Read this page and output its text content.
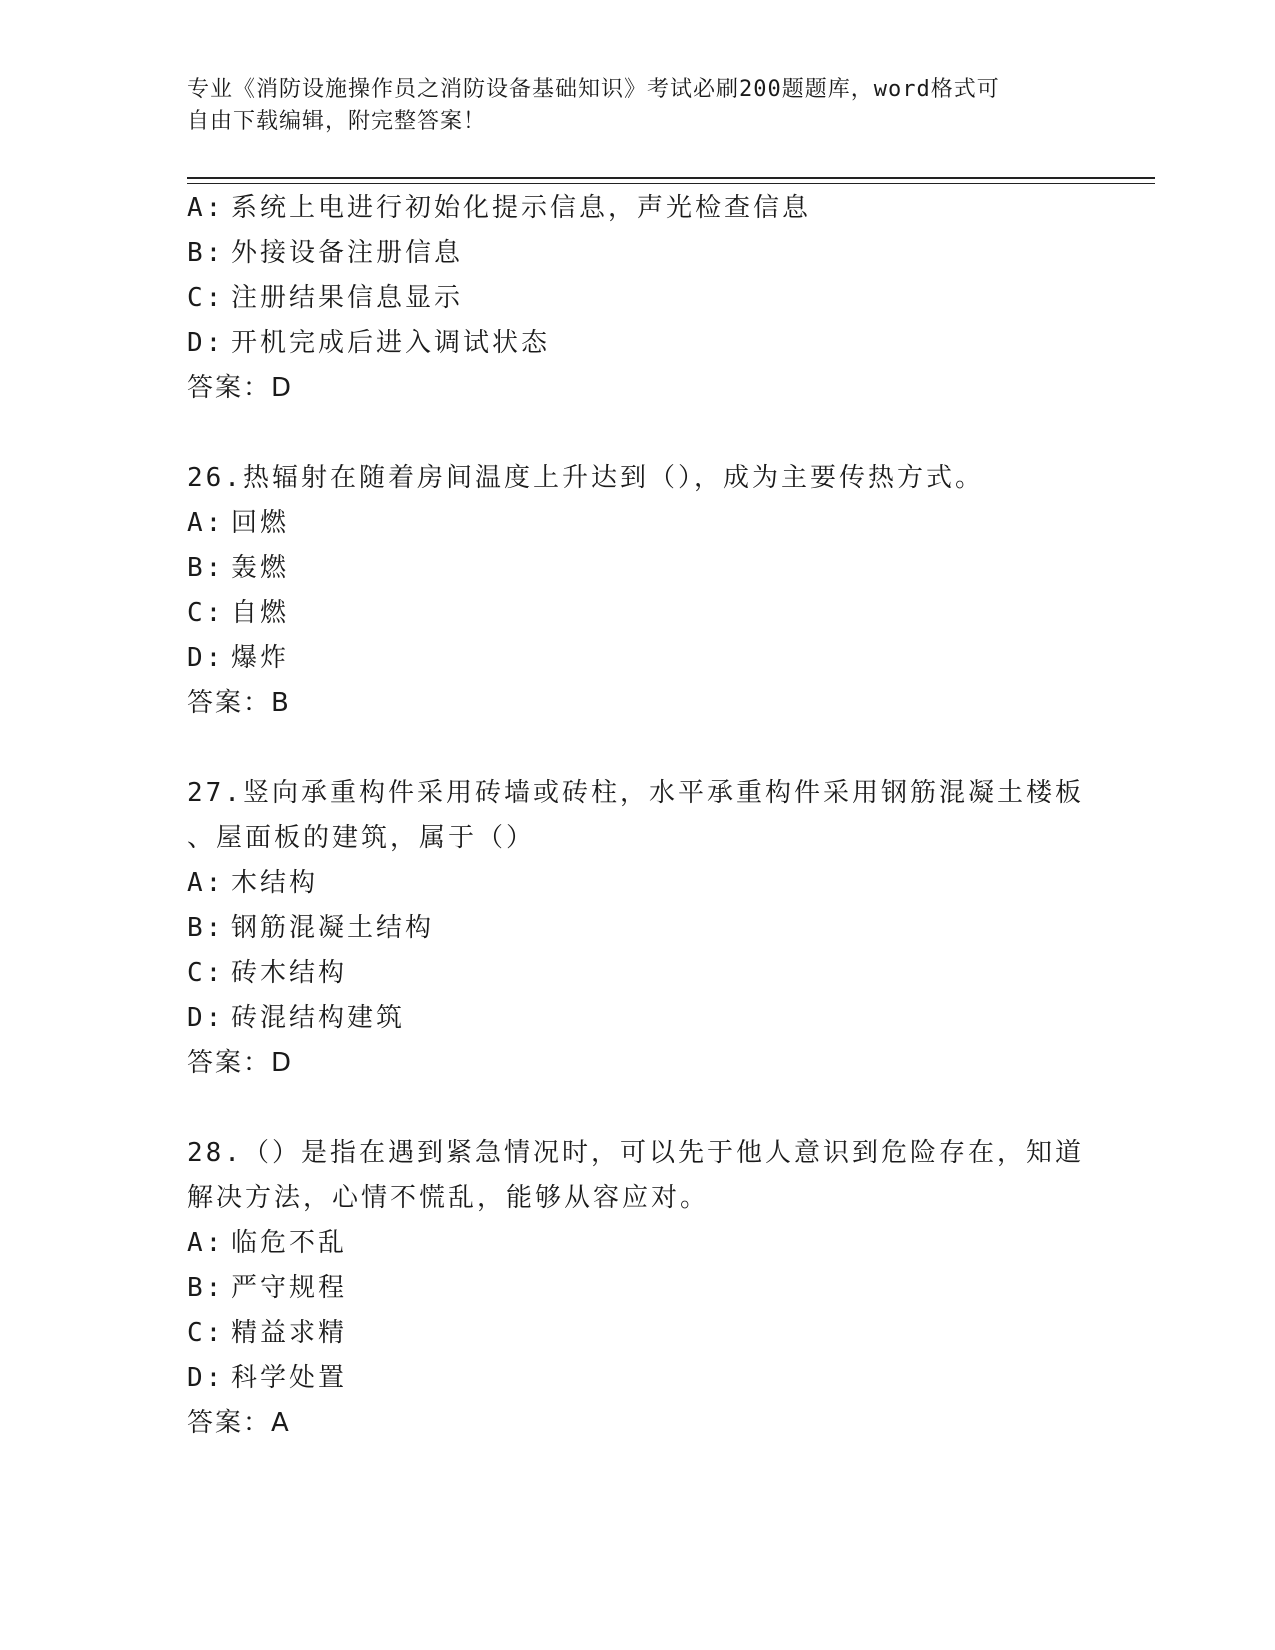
专业《消防设施操作员之消防设备基础知识》考试必刷200题题库，word格式可
自由下载编辑，附完整答案！
A: 系统上电进行初始化提示信息，声光检查信息
B: 外接设备注册信息
C: 注册结果信息显示
D: 开机完成后进入调试状态
答案：D
26.热辐射在随着房间温度上升达到（），成为主要传热方式。
A: 回燃
B: 轰燃
C: 自燃
D: 爆炸
答案：B
27.竖向承重构件采用砖墙或砖柱，水平承重构件采用钢筋混凝土楼板
、屋面板的建筑，属于（）
A: 木结构
B: 钢筋混凝土结构
C: 砖木结构
D: 砖混结构建筑
答案：D
28.（）是指在遇到紧急情况时，可以先于他人意识到危险存在，知道
解决方法，心情不慌乱，能够从容应对。
A: 临危不乱
B: 严守规程
C: 精益求精
D: 科学处置
答案：A
